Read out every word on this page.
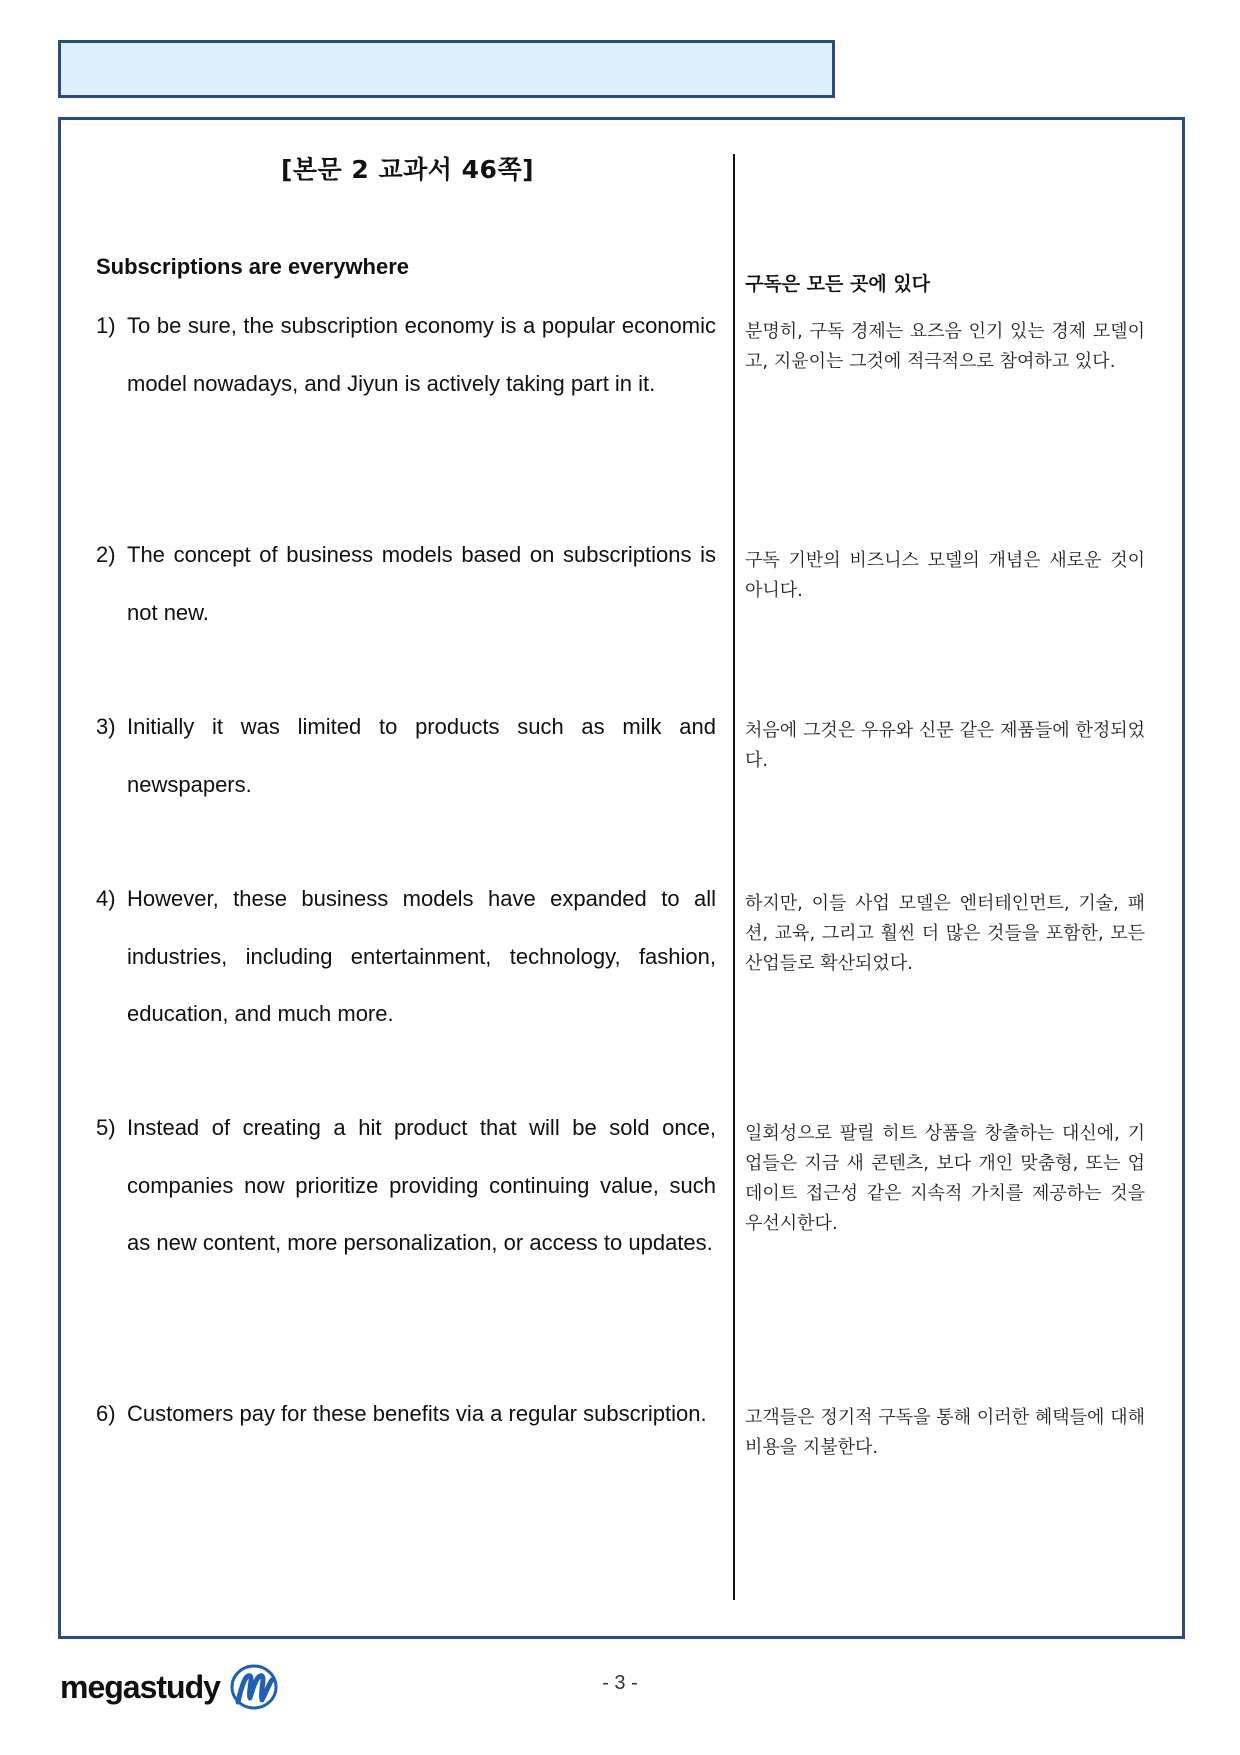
[본문 2 교과서 46쪽]
Subscriptions are everywhere
구독은 모든 곳에 있다
1) To be sure, the subscription economy is a popular economic model nowadays, and Jiyun is actively taking part in it.
분명히, 구독 경제는 요즈음 인기 있는 경제 모델이고, 지윤이는 그것에 적극적으로 참여하고 있다.
2) The concept of business models based on subscriptions is not new.
구독 기반의 비즈니스 모델의 개념은 새로운 것이 아니다.
3) Initially it was limited to products such as milk and newspapers.
처음에 그것은 우유와 신문 같은 제품들에 한정되었다.
4) However, these business models have expanded to all industries, including entertainment, technology, fashion, education, and much more.
하지만, 이들 사업 모델은 엔터테인먼트, 기술, 패션, 교육, 그리고 훨씬 더 많은 것들을 포함한, 모든 산업들로 확산되었다.
5) Instead of creating a hit product that will be sold once, companies now prioritize providing continuing value, such as new content, more personalization, or access to updates.
일회성으로 팔릴 히트 상품을 창출하는 대신에, 기업들은 지금 새 콘텐츠, 보다 개인 맞춤형, 또는 업데이트 접근성 같은 지속적 가치를 제공하는 것을 우선시한다.
6) Customers pay for these benefits via a regular subscription.	고객들은 정기적 구독을 통해 이러한 혜택들에 대해 비용을 지불한다.
megastudy	- 3 -
